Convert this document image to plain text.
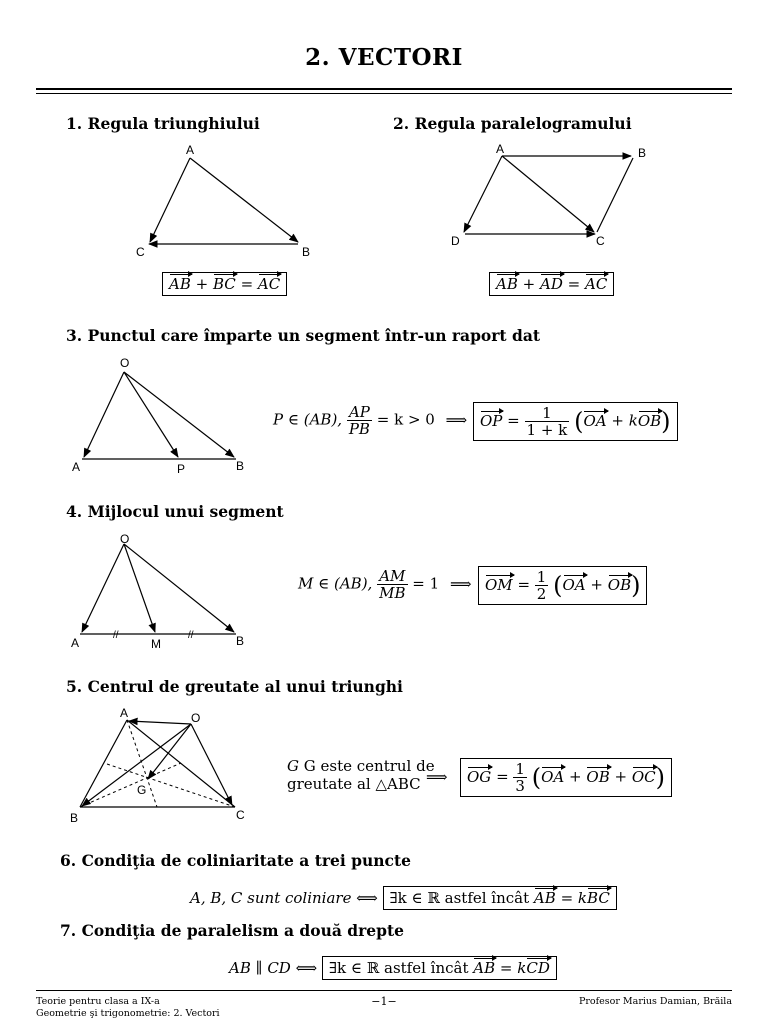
2. VECTORI
1. Regula triunghiului
A
C	B
AB + BC = AC
2. Regula paralelogramului
A	B
D	C
AB + AD = AC
3. Punctul care împarte un segment într-un raport dat
O
A	P	B
P ∈ (AB), $\frac{AP}{PB} = k > 0$ ⟹ OP = $\frac{1}{1 + k} (OA + kOB)$
4. Mijlocul unui segment
//	//
O
A	M	B
M ∈ (AB), $\frac{AM}{MB} = 1$ ⟹ OM = $\frac{1}{2} (OA + OB)$
5. Centrul de greutate al unui triunghi
A	O
G
B	C
G G este centrul de
greutate al △ABC ⟹	OG = $\frac{1}{3} (OA$ + OB + OC)
6. Condiţia de coliniaritate a trei puncte
A, B, C sunt coliniare ⟺ ∃k ∈ ℝ astfel încât AB = kBC
7. Condiţia de paralelism a două drepte
AB ∥ CD ⟺ ∃k ∈ ℝ astfel încât AB = kCD
Teorie pentru clasa a IX-a
Geometrie şi trigonometrie: 2. Vectori
−1−	Profesor Marius Damian, Brăila
